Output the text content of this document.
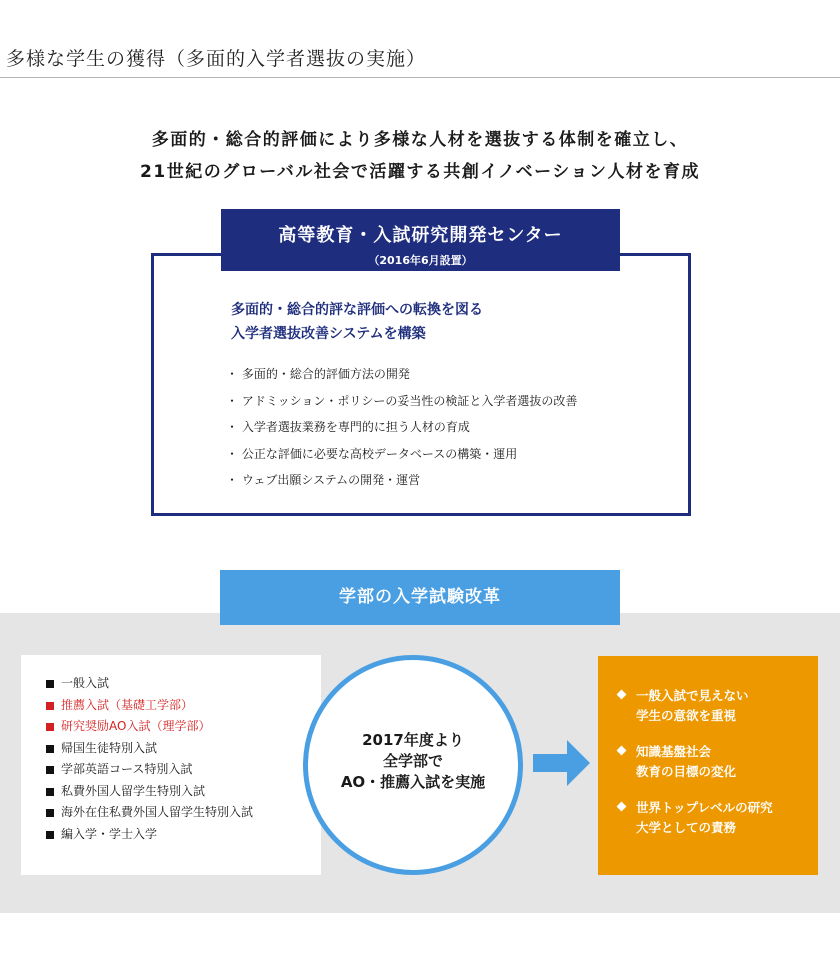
多様な学生の獲得（多面的入学者選抜の実施）
多面的・総合的評価により多様な人材を選抜する体制を確立し、
21世紀のグローバル社会で活躍する共創イノベーション人材を育成
高等教育・入試研究開発センター
（2016年6月設置）
多面的・総合的評な評価への転換を図る
入学者選抜改善システムを構築
・ 多面的・総合的評価方法の開発
・ アドミッション・ポリシーの妥当性の検証と入学者選抜の改善
・ 入学者選抜業務を専門的に担う人材の育成
・ 公正な評価に必要な高校データベースの構築・運用
・ ウェブ出願システムの開発・運営
学部の入学試験改革
一般入試
推薦入試（基礎工学部）
研究奨励AO入試（理学部）
帰国生徒特別入試
学部英語コース特別入試
私費外国人留学生特別入試
海外在住私費外国人留学生特別入試
編入学・学士入学
2017年度より
全学部で
AO・推薦入試を実施
一般入試で見えない
学生の意欲を重視
知識基盤社会
教育の目標の変化
世界トップレベルの研究
大学としての責務
